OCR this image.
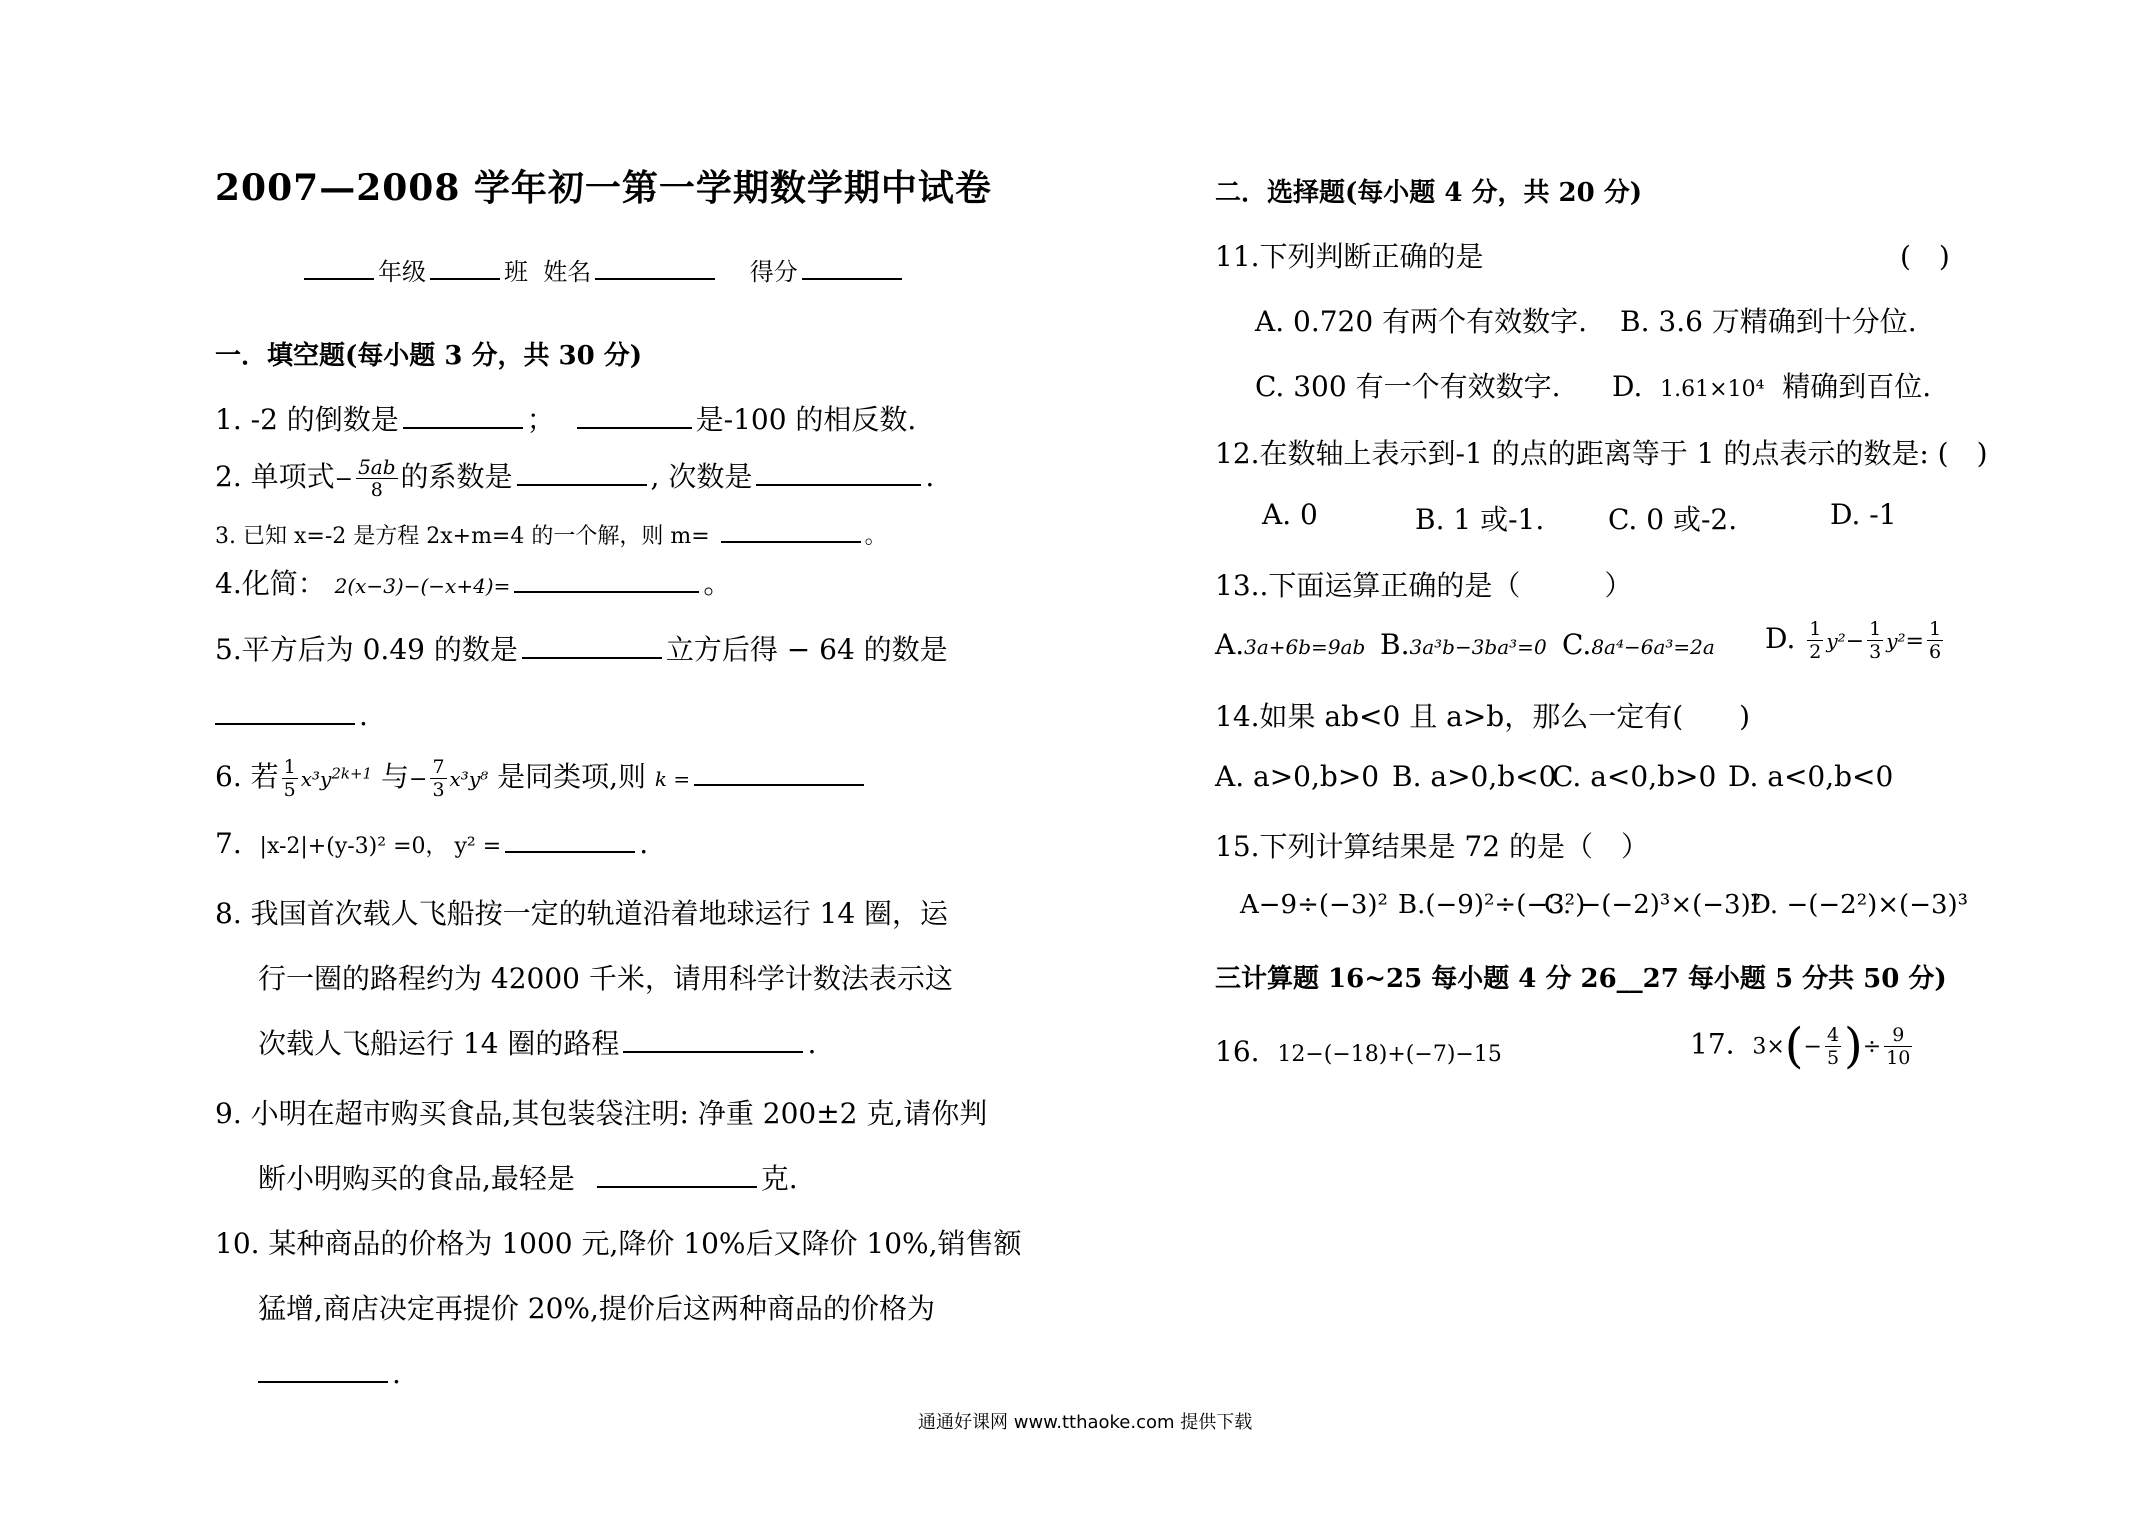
2007—2008 学年初一第一学期数学期中试卷
年级	班 姓名	得分
一．填空题(每小题 3 分，共 30 分)
1. -2 的倒数是	；	是-100 的相反数.
2. 单项式− $\frac{5ab}{8}$ 的系数是	, 次数是	.
3. 已知 x=-2 是方程 2x+m=4 的一个解，则 m=	。
4.化简： 2(x−3)−(−x+4)=	。
5.平方后为 0.49 的数是	立方后得 − 64 的数是
.
6. 若 $\frac{1}{5} x^3y^{2k+1}$ 与− $\frac{7}{3} x^3y^8$ 是同类项,则 k =
7. |x-2|+(y-3)² =0， y² =	.
8. 我国首次载人飞船按一定的轨道沿着地球运行 14 圈，运
行一圈的路程约为 42000 千米，请用科学计数法表示这
次载人飞船运行 14 圈的路程	.
9. 小明在超市购买食品,其包装袋注明: 净重 200±2 克,请你判
断小明购买的食品,最轻是	克.
10. 某种商品的价格为 1000 元,降价 10%后又降价 10%,销售额
猛增,商店决定再提价 20%,提价后这两种商品的价格为
.
二．选择题(每小题 4 分，共 20 分)
11.下列判断正确的是	(　)
A. 0.720 有两个有效数字. B. 3.6 万精确到十分位.
C. 300 有一个有效数字. D. 1.61×10⁴ 精确到百位.
12.在数轴上表示到-1 的点的距离等于 1 的点表示的数是: (　)
A. 0	B. 1 或-1. C. 0 或-2.	D. -1
13..下面运算正确的是（　　　）
A.3a+6b=9ab B.3a³b−3ba³=0 C.8a⁴−6a³=2a D. $\frac{1}{2} y^2- \frac{1}{3} y^2= \frac{1}{6}$
14.如果 ab<0 且 a>b，那么一定有(　　)
A. a>0,b>0 B. a>0,b<0
C. a<0,b>0 D. a<0,b<0
15.下列计算结果是 72 的是（　）
A−9÷(−3)² B.(−9)²÷(−3²)
C. −(−2)³×(−3)²
D. −(−2²)×(−3)³
三计算题 16~25 每小题 4 分 26__27 每小题 5 分共 50 分)
16. 12−(−18)+(−7)−15	17. $3\times(- \frac{4}{5}$ )÷ $\frac{9}{10}$
通通好课网 www.tthaoke.com 提供下载
